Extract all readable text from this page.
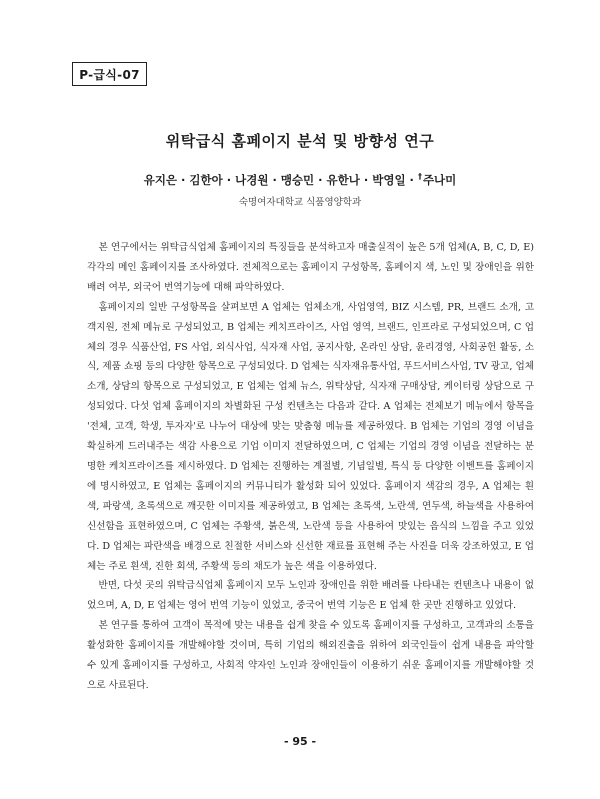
P-급식-07
위탁급식 홈페이지 분석 및 방향성 연구
유지은 · 김한아 · 나경원 · 맹승민 · 유한나 · 박영일 · †주나미
숙명여자대학교 식품영양학과

본 연구에서는 위탁급식업체 홈페이지의 특징들을 분석하고자 매출실적이 높은 5개 업체(A, B, C, D, E) 각각의 메인 홈페이지를 조사하였다. 전체적으로는 홈페이지 구성항목, 홈페이지 색, 노인 및 장애인을 위한 배려 여부, 외국어 번역기능에 대해 파악하였다.

홈페이지의 일반 구성항목을 살펴보면 A 업체는 업체소개, 사업영역, BIZ 시스템, PR, 브랜드 소개, 고객지원, 전체 메뉴로 구성되었고, B 업체는 케치프라이즈, 사업 영역, 브랜드, 인프라로 구성되었으며, C 업체의 경우 식품산업, FS 사업, 외식사업, 식자재 사업, 공지사항, 온라인 상담, 윤리경영, 사회공헌 활동, 소식, 제품 쇼핑 등의 다양한 항목으로 구성되었다. D 업체는 식자재유통사업, 푸드서비스사업, TV 광고, 업체 소개, 상담의 항목으로 구성되었고, E 업체는 업체 뉴스, 위탁상담, 식자재 구매상담, 케이터링 상담으로 구성되었다. 다섯 업체 홈페이지의 차별화된 구성 컨텐츠는 다음과 같다. A 업체는 전체보기 메뉴에서 항목을 '전체, 고객, 학생, 투자자'로 나누어 대상에 맞는 맞춤형 메뉴를 제공하였다. B 업체는 기업의 경영 이념을 확실하게 드러내주는 색감 사용으로 기업 이미지 전달하였으며, C 업체는 기업의 경영 이념을 전달하는 분명한 케치프라이즈를 제시하였다. D 업체는 진행하는 계절별, 기념일별, 특식 등 다양한 이벤트를 홈페이지에 명시하였고, E 업체는 홈페이지의 커뮤니티가 활성화 되어 있었다. 홈페이지 색감의 경우, A 업체는 흰색, 파랑색, 초록색으로 깨끗한 이미지를 제공하였고, B 업체는 초록색, 노란색, 연두색, 하늘색을 사용하여 신선함을 표현하였으며, C 업체는 주황색, 붉은색, 노란색 등을 사용하여 맛있는 음식의 느낌을 주고 있었다. D 업체는 파란색을 배경으로 친절한 서비스와 신선한 재료를 표현해 주는 사진을 더욱 강조하였고, E 업체는 주로 흰색, 진한 회색, 주황색 등의 채도가 높은 색을 이용하였다.

반면, 다섯 곳의 위탁급식업체 홈페이지 모두 노인과 장애인을 위한 배려를 나타내는 컨텐츠나 내용이 없었으며, A, D, E 업체는 영어 번역 기능이 있었고, 중국어 번역 기능은 E 업체 한 곳만 진행하고 있었다.

본 연구를 통하여 고객이 목적에 맞는 내용을 쉽게 찾을 수 있도록 홈페이지를 구성하고, 고객과의 소통을 활성화한 홈페이지를 개발해야할 것이며, 특히 기업의 해외진출을 위하여 외국인들이 쉽게 내용을 파악할 수 있게 홈페이지를 구성하고, 사회적 약자인 노인과 장애인들이 이용하기 쉬운 홈페이지를 개발해야할 것으로 사료된다.

- 95 -
